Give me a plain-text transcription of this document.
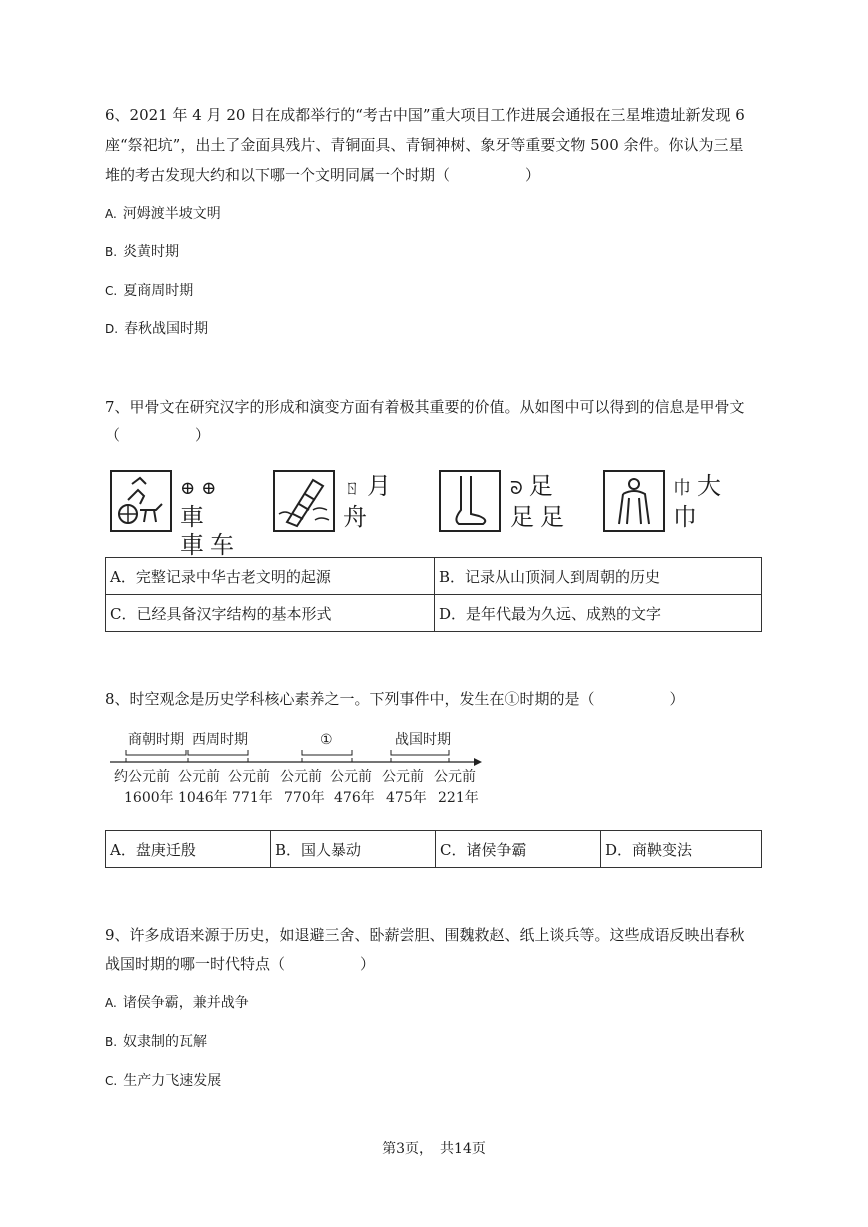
6、2021 年 4 月 20 日在成都举行的“考古中国”重大项目工作进展会通报在三星堆遗址新发现 6
座“祭祀坑”，出土了金面具残片、青铜面具、青铜神树、象牙等重要文物 500 余件。你认为三星
堆的考古发现大约和以下哪一个文明同属一个时期（　　　　　）
A. 河姆渡半坡文明
B. 炎黄时期
C. 夏商周时期
D. 春秋战国时期
7、甲骨文在研究汉字的形成和演变方面有着极其重要的价值。从如图中可以得到的信息是甲骨文
（　　　　　）
⊕⊕車
車车
ㄖ月
舟
ᘐ足
足足
巾大
巾
A．完整记录中华古老文明的起源	B．记录从山顶洞人到周朝的历史
C．已经具备汉字结构的基本形式	D．是年代最为久远、成熟的文字
8、时空观念是历史学科核心素养之一。下列事件中，发生在①时期的是（　　　　　）
商朝时期 西周时期	①	战国时期
约公元前
1600年
公元前
1046年
公元前
771年
公元前
770年
公元前
476年
公元前
475年
公元前
221年
A．盘庚迁殷	B．国人暴动	C．诸侯争霸	D．商鞅变法
9、许多成语来源于历史，如退避三舍、卧薪尝胆、围魏救赵、纸上谈兵等。这些成语反映出春秋
战国时期的哪一时代特点（　　　　　）
A. 诸侯争霸，兼并战争
B. 奴隶制的瓦解
C. 生产力飞速发展
第3页，　共14页
